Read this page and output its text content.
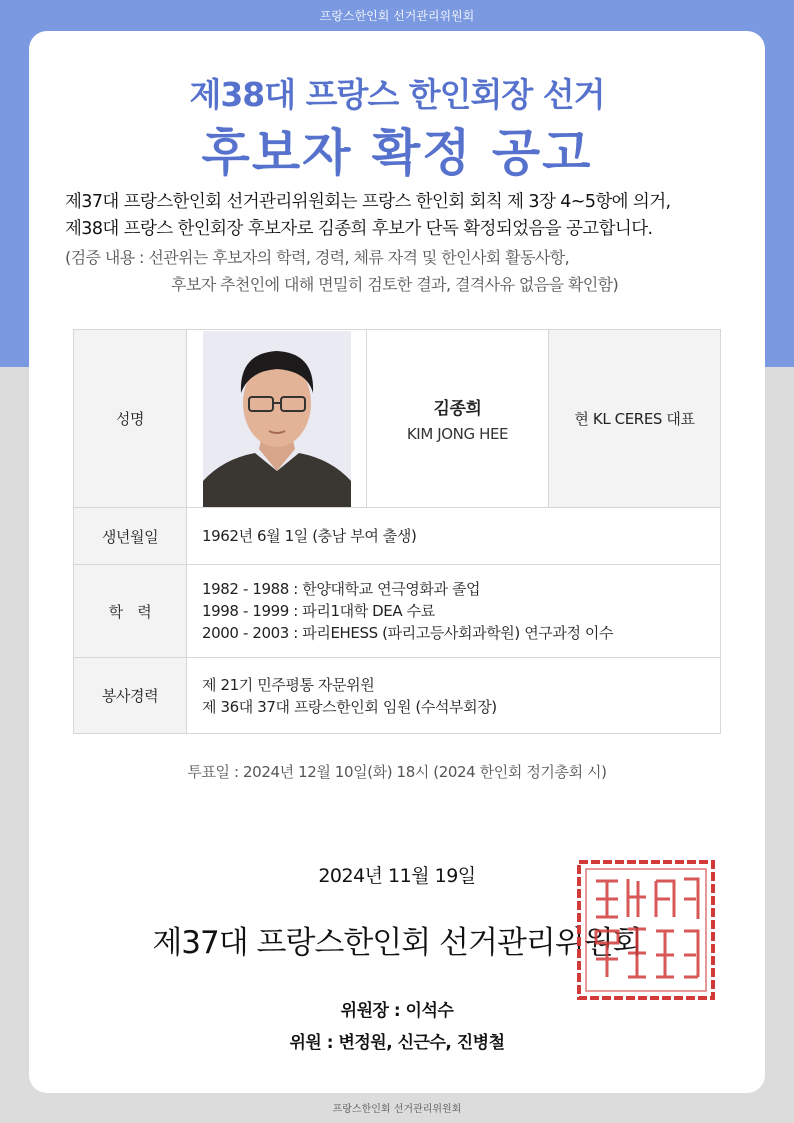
프랑스한인회 선거관리위원회
제38대 프랑스 한인회장 선거
후보자 확정 공고
제37대 프랑스한인회 선거관리위원회는 프랑스 한인회 회칙 제 3장 4~5항에 의거,
제38대 프랑스 한인회장 후보자로 김종희 후보가 단독 확정되었음을 공고합니다.
(검증 내용 : 선관위는 후보자의 학력, 경력, 체류 자격 및 한인사회 활동사항,
후보자 추천인에 대해 면밀히 검토한 결과, 결격사유 없음을 확인함)
성명		김종희
KIM JONG HEE	현 KL CERES 대표
생년월일	1962년 6월 1일 (충남 부여 출생)		
학　력	1982 - 1988 : 한양대학교 연극영화과 졸업
1998 - 1999 : 파리1대학 DEA 수료
2000 - 2003 : 파리EHESS (파리고등사회과학원) 연구과정 이수		

봉사경력	제 21기 민주평통 자문위원
제 36대 37대 프랑스한인회 임원 (수석부회장)		
투표일 : 2024년 12월 10일(화) 18시 (2024 한인회 정기총회 시)
2024년 11월 19일
제37대 프랑스한인회 선거관리위원회
위원장 : 이석수
위원 : 변정원, 신근수, 진병철
프랑스한인회 선거관리위원회
